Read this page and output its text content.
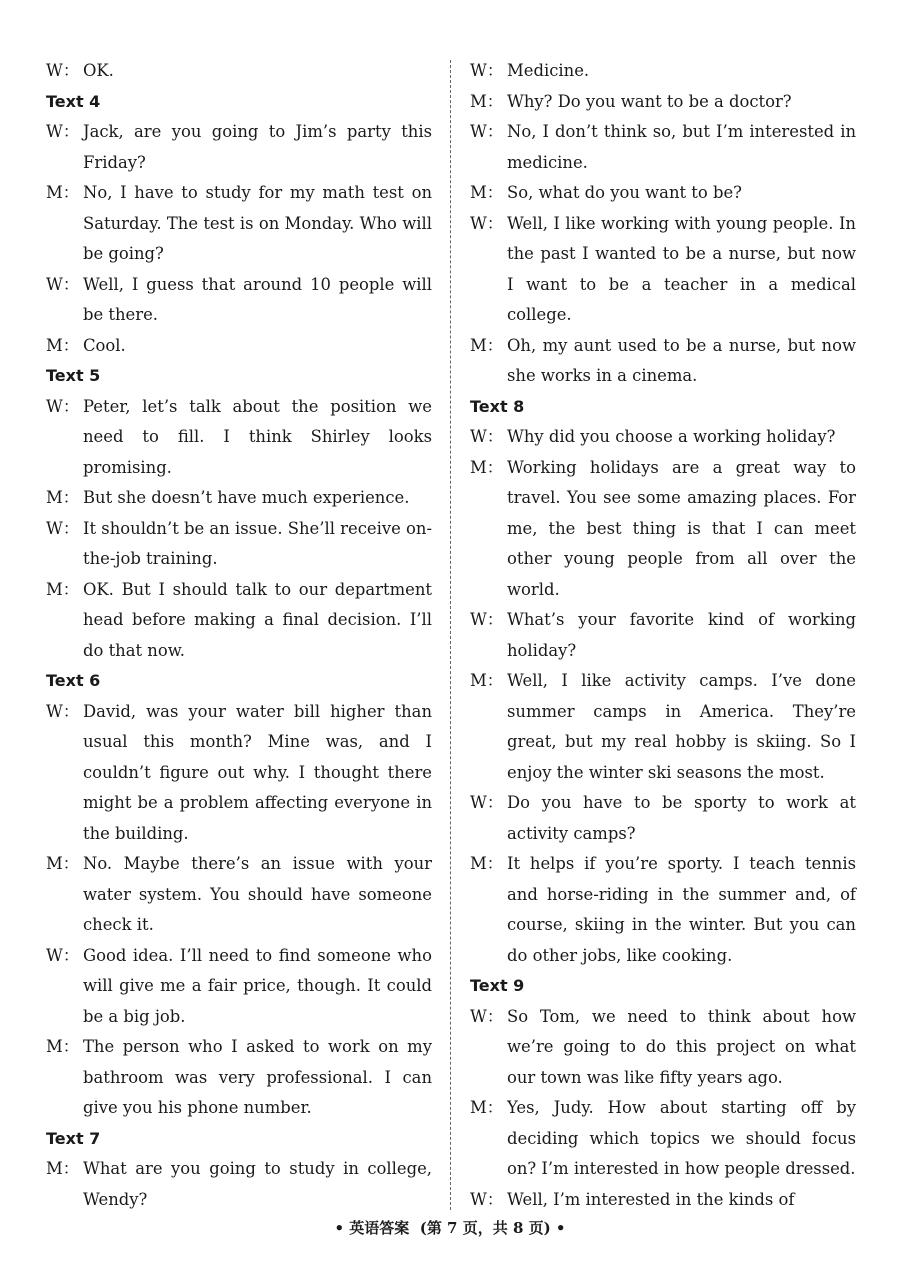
W： OK.
Text 4
W： Jack, are you going to Jim’s party this Friday?
M： No, I have to study for my math test on Saturday. The test is on Monday. Who will be going?
W： Well, I guess that around 10 people will be there.
M： Cool.
Text 5
W： Peter, let’s talk about the position we need to fill. I think Shirley looks promising.
M： But she doesn’t have much experience.
W： It shouldn’t be an issue. She’ll receive on-the-job training.
M： OK. But I should talk to our department head before making a final decision. I’ll do that now.
Text 6
W： David, was your water bill higher than usual this month? Mine was, and I couldn’t figure out why. I thought there might be a problem affecting everyone in the building.
M： No. Maybe there’s an issue with your water system. You should have someone check it.
W： Good idea. I’ll need to find someone who will give me a fair price, though. It could be a big job.
M： The person who I asked to work on my bathroom was very professional. I can give you his phone number.
Text 7
M： What are you going to study in college, Wendy?
W： Medicine.
M： Why? Do you want to be a doctor?
W： No, I don’t think so, but I’m interested in medicine.
M： So, what do you want to be?
W： Well, I like working with young people. In the past I wanted to be a nurse, but now I want to be a teacher in a medical college.
M： Oh, my aunt used to be a nurse, but now she works in a cinema.
Text 8
W： Why did you choose a working holiday?
M： Working holidays are a great way to travel. You see some amazing places. For me, the best thing is that I can meet other young people from all over the world.
W： What’s your favorite kind of working holiday?
M： Well, I like activity camps. I’ve done summer camps in America. They’re great, but my real hobby is skiing. So I enjoy the winter ski seasons the most.
W： Do you have to be sporty to work at activity camps?
M： It helps if you’re sporty. I teach tennis and horse-riding in the summer and, of course, skiing in the winter. But you can do other jobs, like cooking.
Text 9
W： So Tom, we need to think about how we’re going to do this project on what our town was like fifty years ago.
M： Yes, Judy. How about starting off by deciding which topics we should focus on? I’m interested in how people dressed.
W： Well, I’m interested in the kinds of
• 英语答案  (第 7 页，共 8 页) •
